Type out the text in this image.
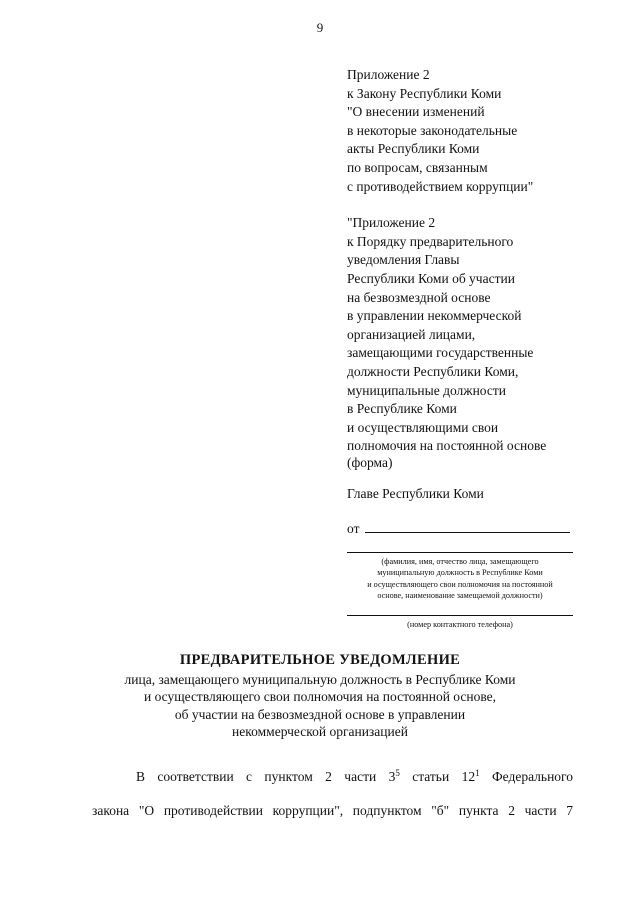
9
Приложение 2
к Закону Республики Коми
"О внесении изменений
в некоторые законодательные
акты Республики Коми
по вопросам, связанным
с противодействием коррупции"
"Приложение 2
к Порядку предварительного
уведомления Главы
Республики Коми об участии
на безвозмездной основе
в управлении некоммерческой
организацией лицами,
замещающими государственные
должности Республики Коми,
муниципальные должности
в Республике Коми
и осуществляющими свои
полномочия на постоянной основе
(форма)
Главе Республики Коми
от
(фамилия, имя, отчество лица, замещающего
муниципальную должность в Республике Коми
и осуществляющего свои полномочия на постоянной
основе, наименование замещаемой должности)
(номер контактного телефона)
ПРЕДВАРИТЕЛЬНОЕ УВЕДОМЛЕНИЕ
лица, замещающего муниципальную должность в Республике Коми
и осуществляющего свои полномочия на постоянной основе,
об участии на безвозмездной основе в управлении
некоммерческой организацией
В соответствии с пунктом 2 части $3^5$ статьи $12^1$ Федерального
закона "О противодействии коррупции", подпунктом "б" пункта 2 части 7
